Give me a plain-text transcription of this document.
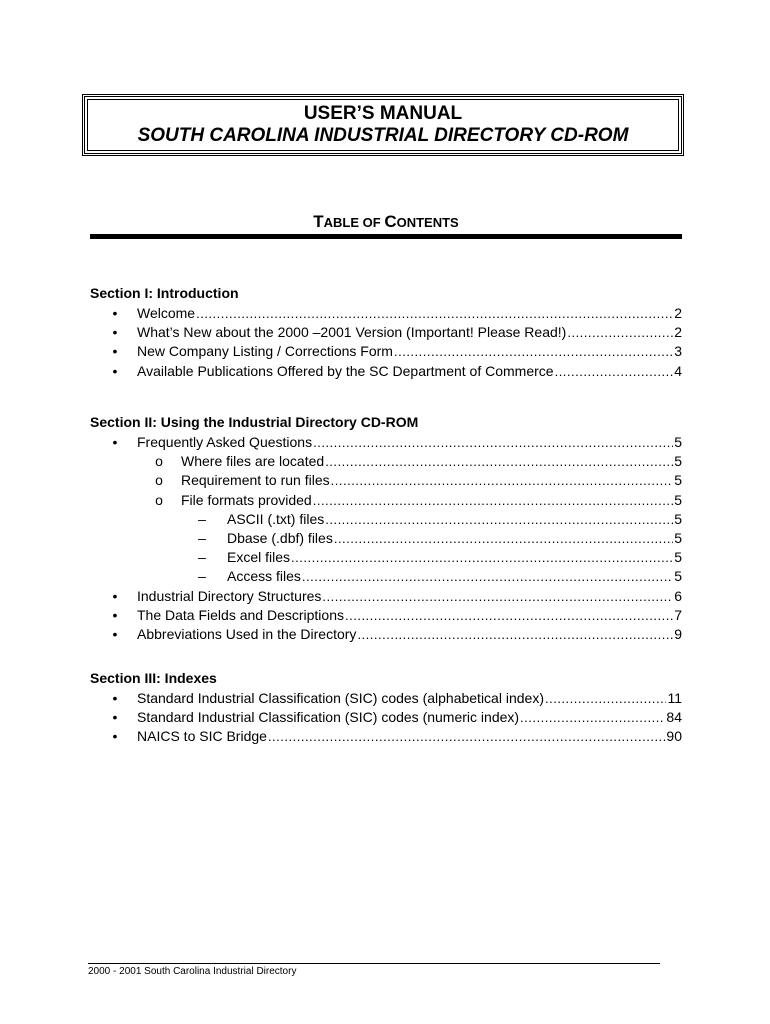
USER’S MANUAL
SOUTH CAROLINA INDUSTRIAL DIRECTORY CD-ROM
TABLE OF CONTENTS
Section I: Introduction
•	Welcome .....	2
•	What’s New about the 2000 –2001 Version (Important! Please Read!) .....	2
•	New Company Listing / Corrections Form .....	3
•	Available Publications Offered by the SC Department of Commerce .....	4
Section II: Using the Industrial Directory CD-ROM
•	Frequently Asked Questions .....	5
o Where files are located .....	5
o Requirement to run files .....	5
o File formats provided .....	5
– ASCII (.txt) files .....	5
– Dbase (.dbf) files .....	5
– Excel files .....	5
– Access files .....	5
•	Industrial Directory Structures .....	6
•	The Data Fields and Descriptions .....	7
•	Abbreviations Used in the Directory .....	9
Section III: Indexes
•	Standard Industrial Classification (SIC) codes (alphabetical index) .....	11
•	Standard Industrial Classification (SIC) codes (numeric index) .....	84
•	NAICS to SIC Bridge .....	90
2000 - 2001 South Carolina Industrial Directory
